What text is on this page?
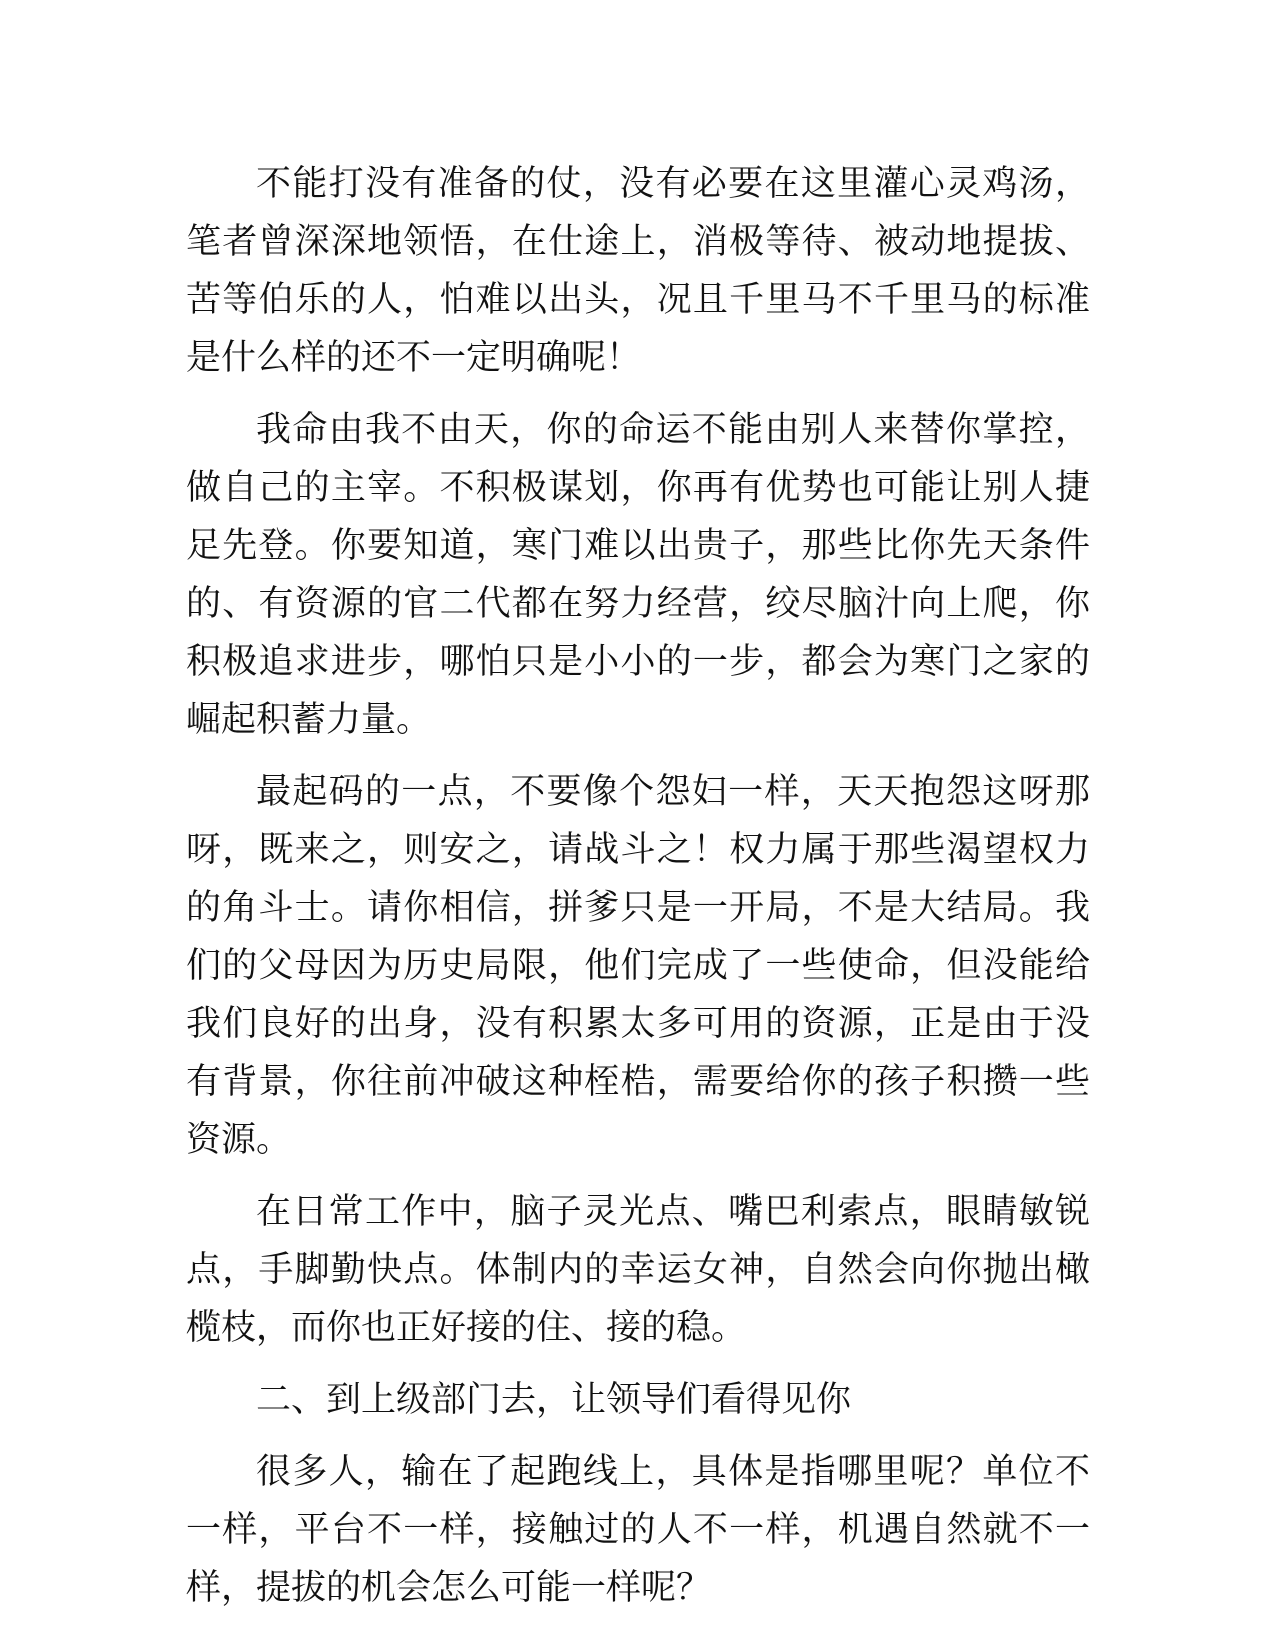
不能打没有准备的仗，没有必要在这里灌心灵鸡汤，笔者曾深深地领悟，在仕途上，消极等待、被动地提拔、苦等伯乐的人，怕难以出头，况且千里马不千里马的标准是什么样的还不一定明确呢！

我命由我不由天，你的命运不能由别人来替你掌控，做自己的主宰。不积极谋划，你再有优势也可能让别人捷足先登。你要知道，寒门难以出贵子，那些比你先天条件的、有资源的官二代都在努力经营，绞尽脑汁向上爬，你积极追求进步，哪怕只是小小的一步，都会为寒门之家的崛起积蓄力量。

最起码的一点，不要像个怨妇一样，天天抱怨这呀那呀，既来之，则安之，请战斗之！权力属于那些渴望权力的角斗士。请你相信，拼爹只是一开局，不是大结局。我们的父母因为历史局限，他们完成了一些使命，但没能给我们良好的出身，没有积累太多可用的资源，正是由于没有背景，你往前冲破这种桎梏，需要给你的孩子积攒一些资源。

在日常工作中，脑子灵光点、嘴巴利索点，眼睛敏锐点，手脚勤快点。体制内的幸运女神，自然会向你抛出橄榄枝，而你也正好接的住、接的稳。

二、到上级部门去，让领导们看得见你

很多人，输在了起跑线上，具体是指哪里呢？单位不一样，平台不一样，接触过的人不一样，机遇自然就不一样，提拔的机会怎么可能一样呢？
